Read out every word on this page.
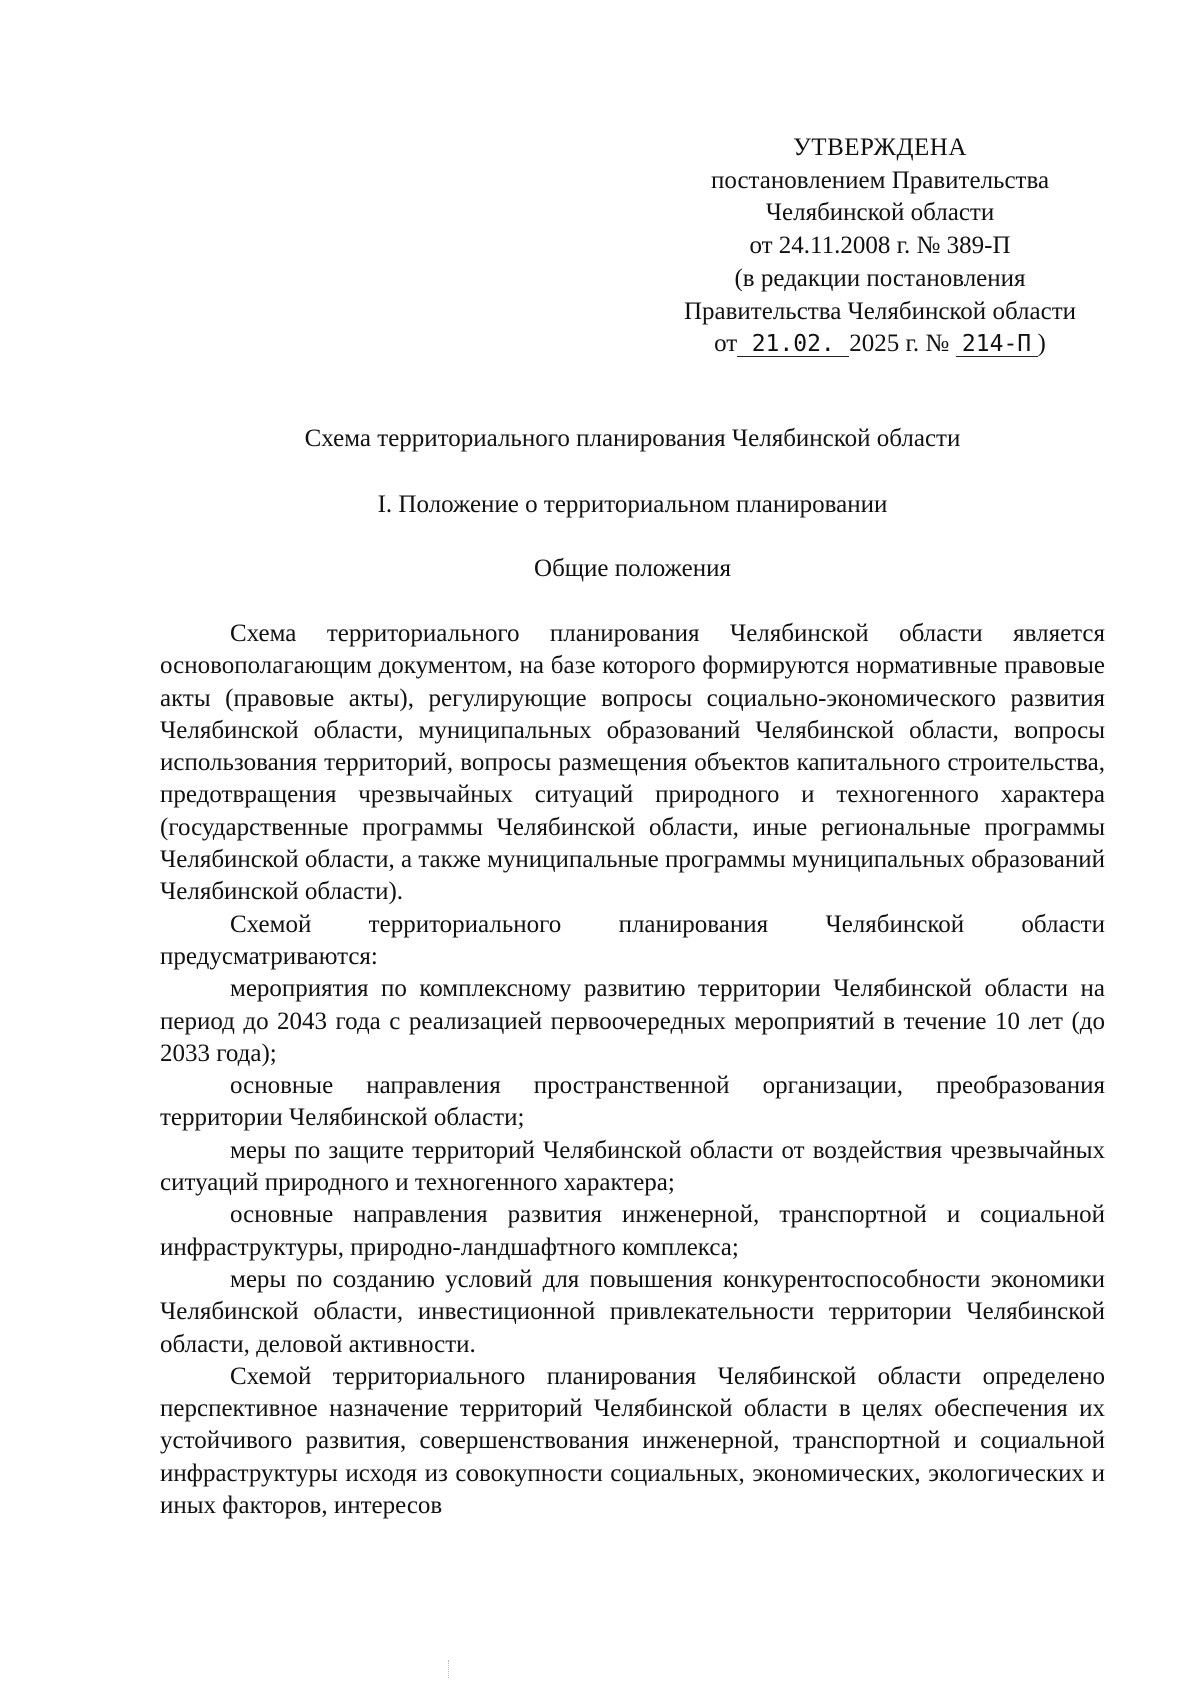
УТВЕРЖДЕНА
постановлением Правительства
Челябинской области
от 24.11.2008 г. № 389-П
(в редакции постановления
Правительства Челябинской области
от 21.02. 2025 г. № 214-П )
Схема территориального планирования Челябинской области
I. Положение о территориальном планировании
Общие положения

Схема территориального планирования Челябинской области является основополагающим документом, на базе которого формируются нормативные правовые акты (правовые акты), регулирующие вопросы социально-экономического развития Челябинской области, муниципальных образований Челябинской области, вопросы использования территорий, вопросы размещения объектов капитального строительства, предотвращения чрезвычайных ситуаций природного и техногенного характера (государственные программы Челябинской области, иные региональные программы Челябинской области, а также муниципальные программы муниципальных образований Челябинской области).

Схемой территориального планирования Челябинской области предусматриваются:

мероприятия по комплексному развитию территории Челябинской области на период до 2043 года с реализацией первоочередных мероприятий в течение 10 лет (до 2033 года);

основные направления пространственной организации, преобразования территории Челябинской области;

меры по защите территорий Челябинской области от воздействия чрезвычайных ситуаций природного и техногенного характера;

основные направления развития инженерной, транспортной и социальной инфраструктуры, природно-ландшафтного комплекса;

меры по созданию условий для повышения конкурентоспособности экономики Челябинской области, инвестиционной привлекательности территории Челябинской области, деловой активности.

Схемой территориального планирования Челябинской области определено перспективное назначение территорий Челябинской области в целях обеспечения их устойчивого развития, совершенствования инженерной, транспортной и социальной инфраструктуры исходя из совокупности социальных, экономических, экологических и иных факторов, интересов
